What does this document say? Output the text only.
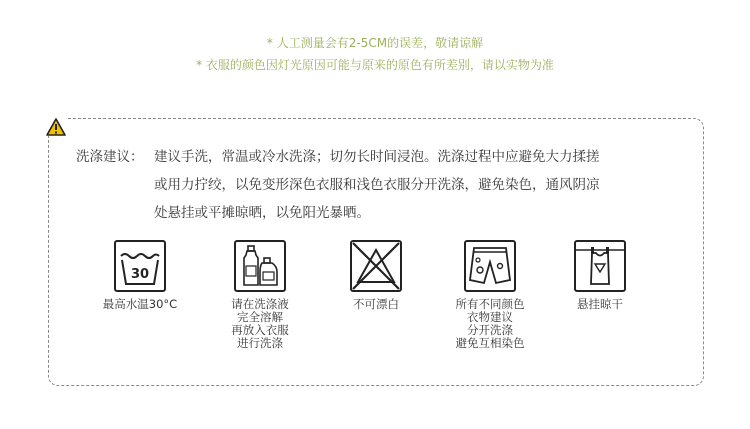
* 人工测量会有2-5CM的误差，敬请谅解
* 衣服的颜色因灯光原因可能与原来的原色有所差别，请以实物为准
洗涤建议： 建议手洗，常温或冷水洗涤；切勿长时间浸泡。洗涤过程中应避免大力揉搓
或用力拧绞，以免变形深色衣服和浅色衣服分开洗涤，避免染色，通风阴凉
处悬挂或平摊晾晒，以免阳光暴晒。
30
最高水温30°C	请在洗涤液
完全溶解
再放入衣服
进行洗涤
不可漂白	所有不同颜色
衣物建议
分开洗涤
避免互相染色
悬挂晾干
